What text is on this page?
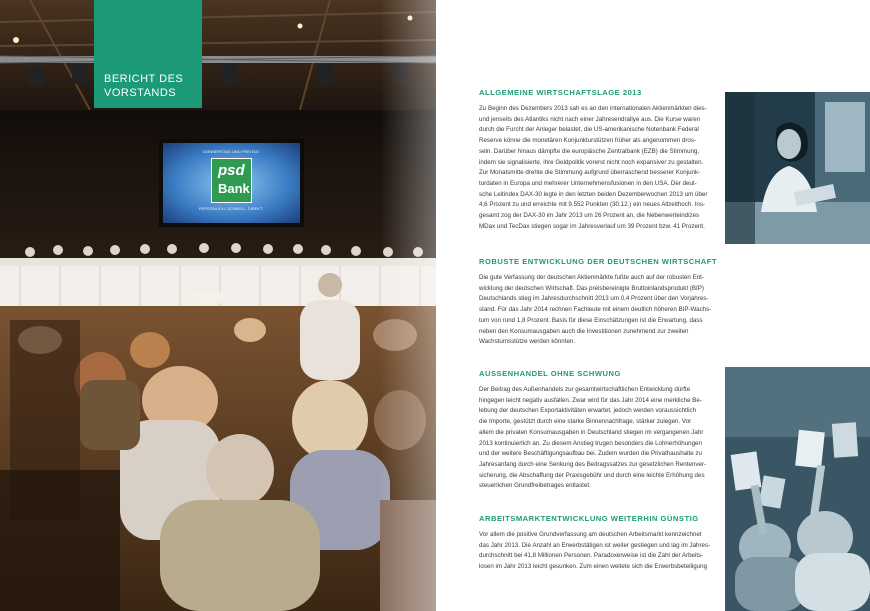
DONNERSTAG UND FREITAG
psd
Bank
PERSÖNLICH, SCHNELL, DIREKT.
BERICHT DES
VORSTANDS	ALLGEMEINE WIRTSCHAFTSLAGE 2013

Zu Beginn des Dezembers 2013 sah es an den internationalen Aktienmärkten dies-
und jenseits des Atlantiks nicht nach einer Jahresendrallye aus. Die Kurse waren
durch die Furcht der Anleger belastet, die US-amerikanische Notenbank Federal
Reserve könne die monetären Konjunkturstützen früher als angenommen dros-
seln. Darüber hinaus dämpfte die europäische Zentralbank (EZB) die Stimmung,
indem sie signalisierte, ihre Geldpolitik vorerst nicht noch expansiver zu gestalten.
Zur Monatsmitte drehte die Stimmung aufgrund überraschend besserer Konjunk-
turdaten in Europa und mehrerer Unternehmensfusionen in den USA. Der deut-
sche Leitindex DAX-30 legte in den letzten beiden Dezemberwochen 2013 um über
4,6 Prozent zu und erreichte mit 9.552 Punkten (30.12.) ein neues Allzeithoch. Ins-
gesamt zog der DAX-30 im Jahr 2013 um 26 Prozent an, die Nebenwerteindizes
MDax und TecDax stiegen sogar im Jahresverlauf um 39 Prozent bzw. 41 Prozent.

ROBUSTE ENTWICKLUNG DER DEUTSCHEN WIRTSCHAFT

Die gute Verfassung der deutschen Aktienmärkte fußte auch auf der robusten Ent-
wicklung der deutschen Wirtschaft. Das preisbereinigte Bruttoinlandsprodukt (BIP)
Deutschlands stieg im Jahresdurchschnitt 2013 um 0,4 Prozent über den Vorjahres-
stand. Für das Jahr 2014 rechnen Fachleute mit einem deutlich höheren BIP-Wachs-
tum von rund 1,8 Prozent. Basis für diese Einschätzungen ist die Erwartung, dass
neben den Konsumausgaben auch die Investitionen zunehmend zur zweiten
Wachstumsstütze werden könnten.

AUSSENHANDEL OHNE SCHWUNG

Der Beitrag des Außenhandels zur gesamtwirtschaftlichen Entwicklung dürfte
hingegen leicht negativ ausfallen. Zwar wird für das Jahr 2014 eine merkliche Be-
lebung der deutschen Exportaktivitäten erwartet, jedoch werden voraussichtlich
die Importe, gestützt durch eine starke Binnennachfrage, stärker zulegen. Vor
allem die privaten Konsumausgaben in Deutschland stiegen im vergangenen Jahr
2013 kontinuierlich an. Zu diesem Anstieg trugen besonders die Lohnerhöhungen
und der weitere Beschäftigungsaufbau bei. Zudem wurden die Privathaushalte zu
Jahresanfang durch eine Senkung des Beitragssatzes zur gesetzlichen Rentenver-
sicherung, die Abschaffung der Praxisgebühr und durch eine leichte Erhöhung des
steuerlichen Grundfreibetrages entlastet.

ARBEITSMARKTENTWICKLUNG WEITERHIN GÜNSTIG

Vor allem die positive Grundverfassung am deutschen Arbeitsmarkt kennzeichnet
das Jahr 2013. Die Anzahl an Erwerbstätigen ist weiter gestiegen und lag im Jahres-
durchschnitt bei 41,8 Millionen Personen. Paradoxerweise ist die Zahl der Arbeits-
losen im Jahr 2013 leicht gesunken. Zum einen weitete sich die Erwerbsbeteiligung
